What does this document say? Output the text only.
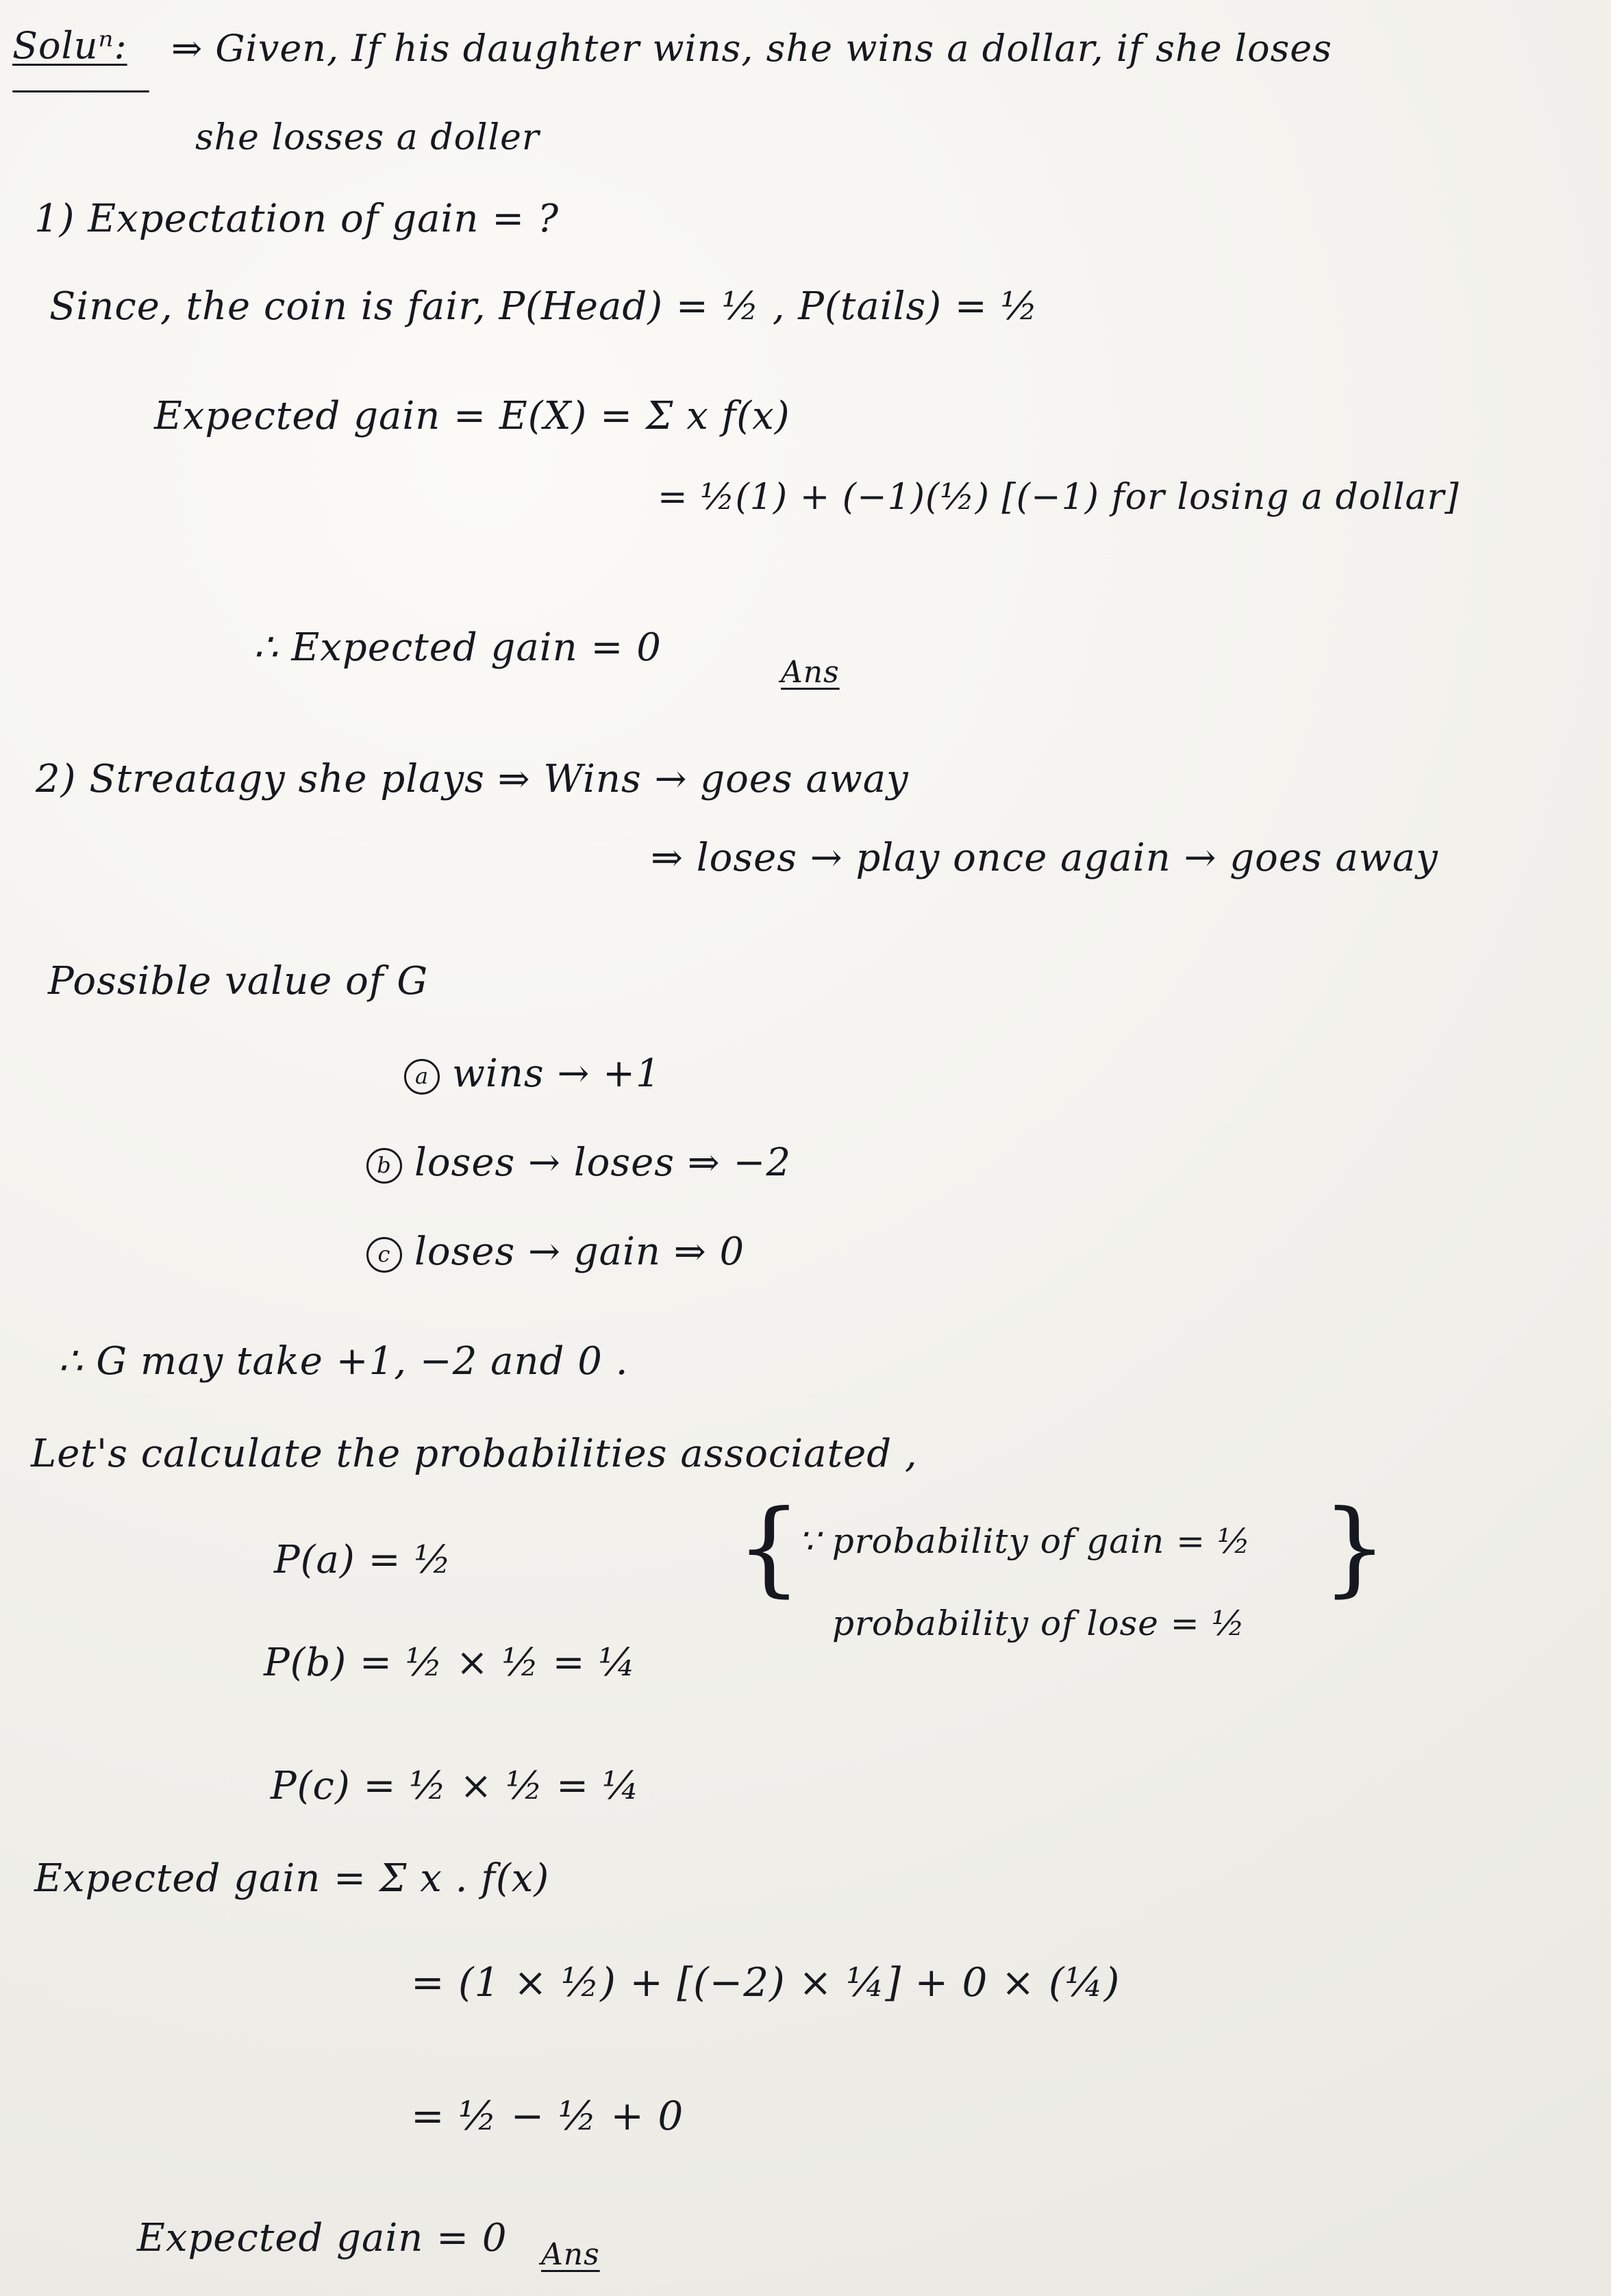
Soluⁿ: ⇒ Given, If his daughter wins, she wins a dollar, if she loses
she losses a doller
1) Expectation of gain = ?
Since, the coin is fair, P(Head) = ½ , P(tails) = ½
Expected gain = E(X) = Σ x f(x)
= ½(1) + (−1)(½) [(−1) for losing a dollar]
∴ Expected gain = 0
Ans
2) Streatagy she plays ⇒ Wins → goes away
⇒ loses → play once again → goes away
Possible value of G
a wins → +1
b loses → loses ⇒ −2
c loses → gain ⇒ 0
∴ G may take +1, −2 and 0 .
Let's calculate the probabilities associated ,
P(a) = ½
P(b) = ½ × ½ = ¼
P(c) = ½ × ½ = ¼
{
∵ probability of gain = ½
probability of lose = ½
}
Expected gain = Σ x . f(x)
= (1 × ½) + [(−2) × ¼] + 0 × (¼)
= ½ − ½ + 0
Expected gain = 0 Ans
